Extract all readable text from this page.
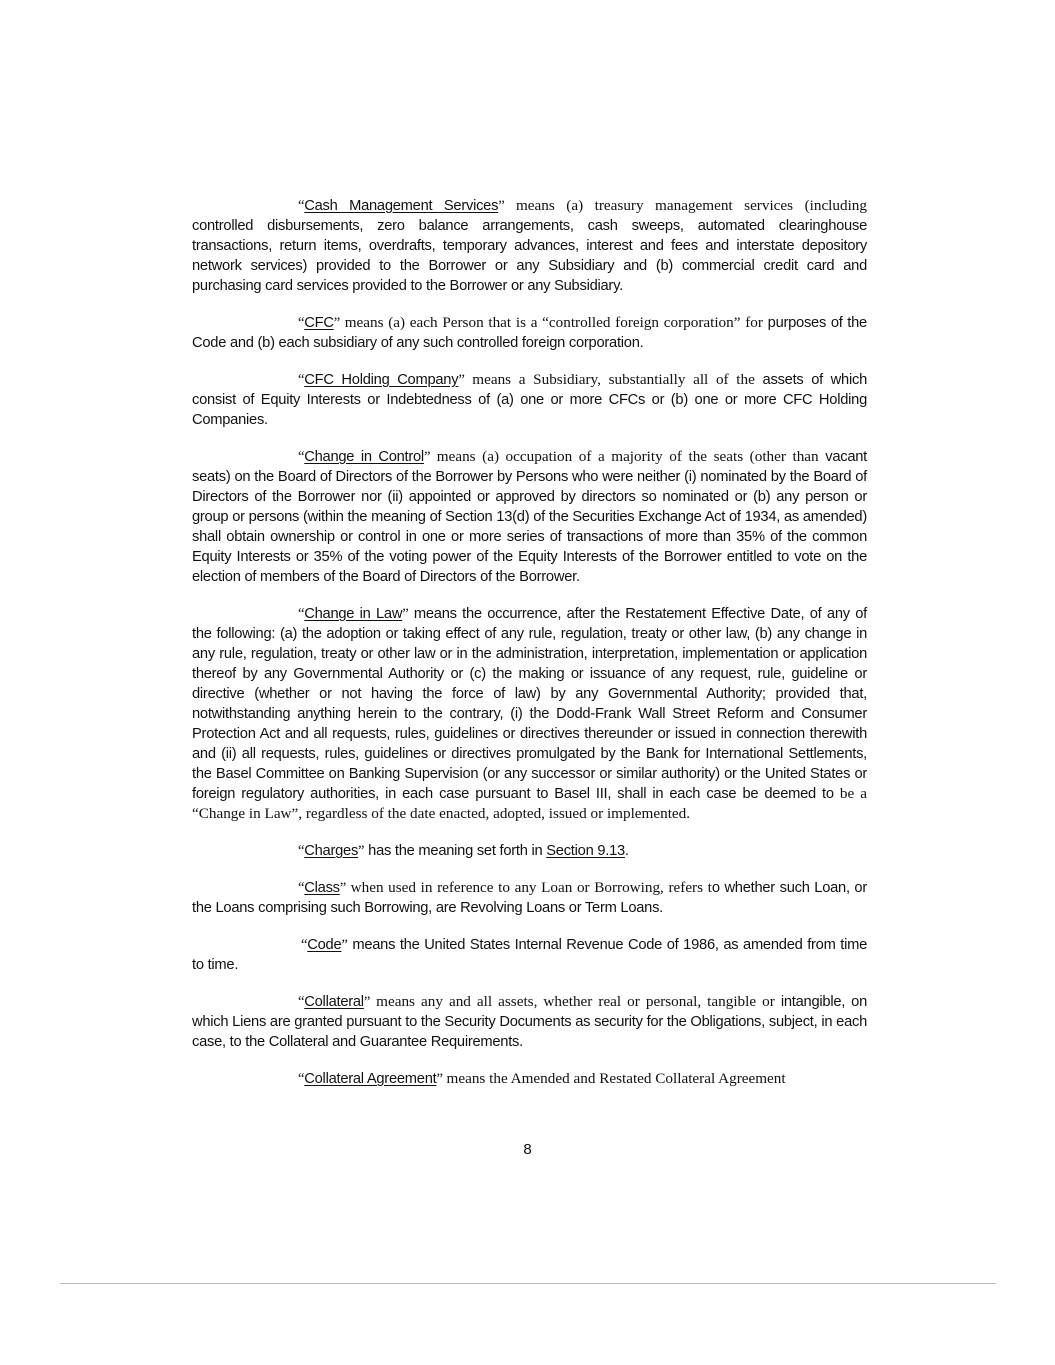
“Cash Management Services” means (a) treasury management services (including controlled disbursements, zero balance arrangements, cash sweeps, automated clearinghouse transactions, return items, overdrafts, temporary advances, interest and fees and interstate depository network services) provided to the Borrower or any Subsidiary and (b) commercial credit card and purchasing card services provided to the Borrower or any Subsidiary.

“CFC” means (a) each Person that is a “controlled foreign corporation” for purposes of the Code and (b) each subsidiary of any such controlled foreign corporation.

“CFC Holding Company” means a Subsidiary, substantially all of the assets of which consist of Equity Interests or Indebtedness of (a) one or more CFCs or (b) one or more CFC Holding Companies.

“Change in Control” means (a) occupation of a majority of the seats (other than vacant seats) on the Board of Directors of the Borrower by Persons who were neither (i) nominated by the Board of Directors of the Borrower nor (ii) appointed or approved by directors so nominated or (b) any person or group or persons (within the meaning of Section 13(d) of the Securities Exchange Act of 1934, as amended) shall obtain ownership or control in one or more series of transactions of more than 35% of the common Equity Interests or 35% of the voting power of the Equity Interests of the Borrower entitled to vote on the election of members of the Board of Directors of the Borrower.

“Change in Law” means the occurrence, after the Restatement Effective Date, of any of the following: (a) the adoption or taking effect of any rule, regulation, treaty or other law, (b) any change in any rule, regulation, treaty or other law or in the administration, interpretation, implementation or application thereof by any Governmental Authority or (c) the making or issuance of any request, rule, guideline or directive (whether or not having the force of law) by any Governmental Authority; provided that, notwithstanding anything herein to the contrary, (i) the Dodd-Frank Wall Street Reform and Consumer Protection Act and all requests, rules, guidelines or directives thereunder or issued in connection therewith and (ii) all requests, rules, guidelines or directives promulgated by the Bank for International Settlements, the Basel Committee on Banking Supervision (or any successor or similar authority) or the United States or foreign regulatory authorities, in each case pursuant to Basel III, shall in each case be deemed to be a “Change in Law”, regardless of the date enacted, adopted, issued or implemented.

“Charges” has the meaning set forth in Section 9.13.

“Class” when used in reference to any Loan or Borrowing, refers to whether such Loan, or the Loans comprising such Borrowing, are Revolving Loans or Term Loans.

“Code” means the United States Internal Revenue Code of 1986, as amended from time to time.

“Collateral” means any and all assets, whether real or personal, tangible or intangible, on which Liens are granted pursuant to the Security Documents as security for the Obligations, subject, in each case, to the Collateral and Guarantee Requirements.

“Collateral Agreement” means the Amended and Restated Collateral Agreement

8
